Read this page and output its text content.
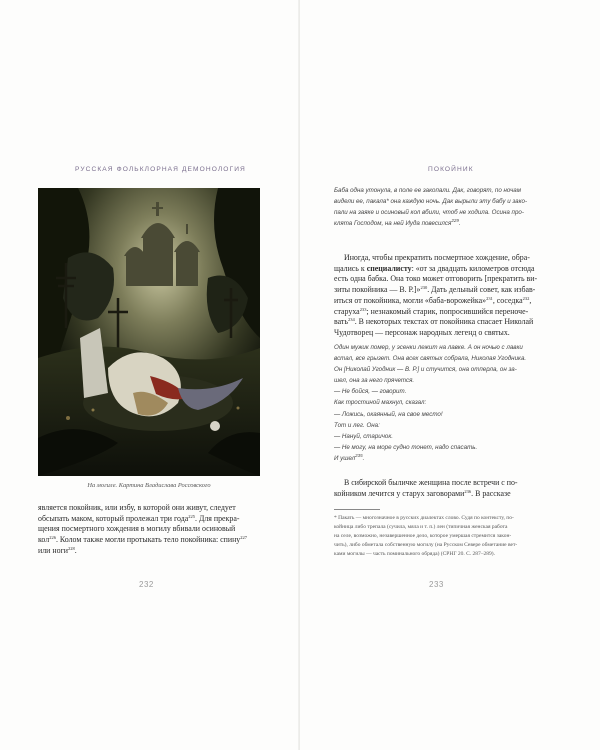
РУССКАЯ ФОЛЬКЛОРНАЯ ДЕМОНОЛОГИЯ
На могиле. Картина Владислава Россовского
является покойник, или избу, в которой они живут, следует
обсыпать маком, который пролежал три года$^{225}$. Для прекра-
щения посмертного хождения в могилу вбивали осиновый
кол$^{226}$. Колом также могли протыкать тело покойника: спину$^{227}$
или ноги$^{228}$.
232
ПОКОЙНИК
Баба одна утонула, в поле ее закопали. Дак, говорят, по ночам
видели ее, пакала* она каждую ночь. Дак вырыли эту бабу и зако-
пали на заяке и осиновый кол вбили, чтоб не ходила. Осина про-
клята Господом, на ней Иуда повесился$^{229}$.
Иногда, чтобы прекратить посмертное хождение, обра-
щались к специалисту: «от за двадцать километров отсюда
есть одна бабка. Она токо может отговорить [прекратить ви-
зиты покойника — В. Р.]»$^{230}$. Дать дельный совет, как избав-
иться от покойника, могли «баба-ворожейка»$^{231}$, соседка$^{232}$,
старуха$^{233}$; незнакомый старик, попросившийся переноче-
вать$^{234}$. В некоторых текстах от покойника спасает Николай
Чудотворец — персонаж народных легенд о святых.
Один мужик помер, у эсенки лежит на лавке. А он ночью с лавки
встал, все грызет. Она всех святых собрала, Николая Угодника.
Он [Николай Угодник — В. Р.] и стучится, она отперла, он за-
шел, она за него прячется.
— Не бойся, — говорит.
Как тростиной махнул, сказал:
— Ложись, окаянный, на свое место!
Тот и лег. Она:
— Нануй, старичок.
— Не могу, на море судно тонет, надо спасать.
И ушел$^{235}$.
В сибирской быличке женщина после встречи с по-
койником лечится у старух заговорами$^{236}$. В рассказе
* Пакать — многозначное в русских диалектах слово. Судя по контексту, по-
койница либо трепала (сучила, мяла и т. п.) лен (типичная женская работа
на селе, возможно, незавершенное дело, которое умершая стремится закон-
чить), либо обметала собственную могилу (на Русском Севере обметание вет-
ками могилы — часть поминального обряда) (СРНГ 20. С. 287–289).
233
